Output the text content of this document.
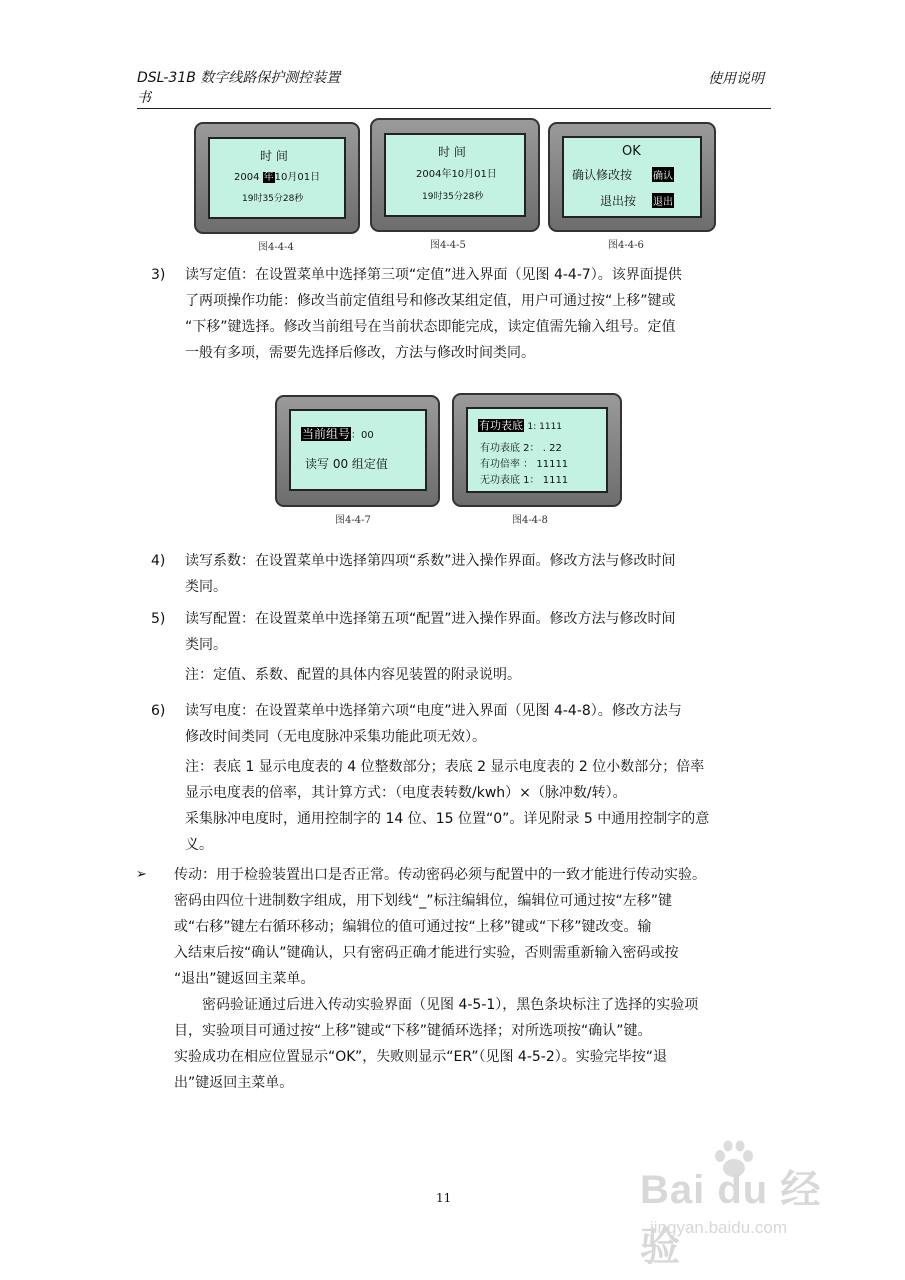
DSL-31B 数字线路保护测控装置
书
使用说明
时 间
2004 年10月01日
19时35分28秒
图4-4-4
时 间
2004年10月01日
19时35分28秒
图4-4-5
OK
确认修改按 确认
退出按 退出
图4-4-6
3) 读写定值：在设置菜单中选择第三项“定值”进入界面（见图 4-4-7）。该界面提供
了两项操作功能：修改当前定值组号和修改某组定值，用户可通过按“上移”键或
“下移”键选择。修改当前组号在当前状态即能完成，读定值需先输入组号。定值
一般有多项，需要先选择后修改，方法与修改时间类同。
当前组号：00
读写 00 组定值
图4-4-7
有功表底 1: 1111
有功表底 2： . 22
有功倍率 ： 11111
无功表底 1： 1111
图4-4-8
4) 读写系数：在设置菜单中选择第四项“系数”进入操作界面。修改方法与修改时间
类同。
5) 读写配置：在设置菜单中选择第五项“配置”进入操作界面。修改方法与修改时间
类同。
注：定值、系数、配置的具体内容见装置的附录说明。
6) 读写电度：在设置菜单中选择第六项“电度”进入界面（见图 4-4-8）。修改方法与
修改时间类同（无电度脉冲采集功能此项无效）。
注：表底 1 显示电度表的 4 位整数部分；表底 2 显示电度表的 2 位小数部分；倍率
显示电度表的倍率，其计算方式：（电度表转数/kwh）×（脉冲数/转）。
采集脉冲电度时，通用控制字的 14 位、15 位置“0”。详见附录 5 中通用控制字的意
义。
➢ 传动：用于检验装置出口是否正常。传动密码必须与配置中的一致才能进行传动实验。
密码由四位十进制数字组成，用下划线“_”标注编辑位，编辑位可通过按“左移”键
或“右移”键左右循环移动；编辑位的值可通过按“上移”键或“下移”键改变。输
入结束后按“确认”键确认，只有密码正确才能进行实验，否则需重新输入密码或按
“退出”键返回主菜单。
　　密码验证通过后进入传动实验界面（见图 4-5-1），黑色条块标注了选择的实验项
目，实验项目可通过按“上移”键或“下移”键循环选择；对所选项按“确认”键。
实验成功在相应位置显示“OK”，失败则显示“ER”（见图 4-5-2）。实验完毕按“退
出”键返回主菜单。
11	Bai du 经验
jingyan.baidu.com
